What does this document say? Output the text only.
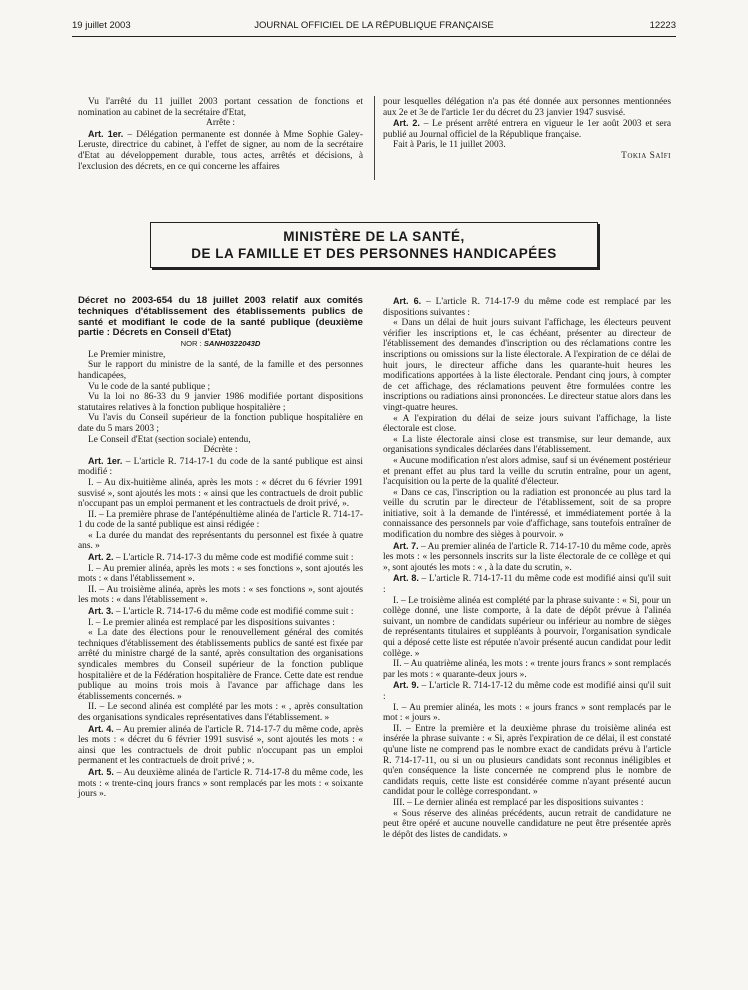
19 juillet 2003	JOURNAL OFFICIEL DE LA RÉPUBLIQUE FRANÇAISE	12223

Vu l'arrêté du 11 juillet 2003 portant cessation de fonctions et nomination au cabinet de la secrétaire d'Etat,

Arrête :

Art. 1er. – Délégation permanente est donnée à Mme Sophie Galey-Leruste, directrice du cabinet, à l'effet de signer, au nom de la secrétaire d'Etat au développement durable, tous actes, arrêtés et décisions, à l'exclusion des décrets, en ce qui concerne les affaires

pour lesquelles délégation n'a pas été donnée aux personnes mentionnées aux 2e et 3e de l'article 1er du décret du 23 janvier 1947 susvisé.

Art. 2. – Le présent arrêté entrera en vigueur le 1er août 2003 et sera publié au Journal officiel de la République française.

Fait à Paris, le 11 juillet 2003.

Tokia Saïfi

MINISTÈRE DE LA SANTÉ,
DE LA FAMILLE ET DES PERSONNES HANDICAPÉES

Décret no 2003-654 du 18 juillet 2003 relatif aux comités techniques d'établissement des établissements publics de santé et modifiant le code de la santé publique (deuxième partie : Décrets en Conseil d'Etat)

NOR : SANH0322043D

Le Premier ministre,

Sur le rapport du ministre de la santé, de la famille et des personnes handicapées,

Vu le code de la santé publique ;

Vu la loi no 86-33 du 9 janvier 1986 modifiée portant dispositions statutaires relatives à la fonction publique hospitalière ;

Vu l'avis du Conseil supérieur de la fonction publique hospitalière en date du 5 mars 2003 ;

Le Conseil d'Etat (section sociale) entendu,

Décrète :

Art. 1er. – L'article R. 714-17-1 du code de la santé publique est ainsi modifié :

I. – Au dix-huitième alinéa, après les mots : « décret du 6 février 1991 susvisé », sont ajoutés les mots : « ainsi que les contractuels de droit public n'occupant pas un emploi permanent et les contractuels de droit privé, ».

II. – La première phrase de l'antépénultième alinéa de l'article R. 714-17-1 du code de la santé publique est ainsi rédigée :

« La durée du mandat des représentants du personnel est fixée à quatre ans. »

Art. 2. – L'article R. 714-17-3 du même code est modifié comme suit :

I. – Au premier alinéa, après les mots : « ses fonctions », sont ajoutés les mots : « dans l'établissement ».

II. – Au troisième alinéa, après les mots : « ses fonctions », sont ajoutés les mots : « dans l'établissement ».

Art. 3. – L'article R. 714-17-6 du même code est modifié comme suit :

I. – Le premier alinéa est remplacé par les dispositions suivantes :

« La date des élections pour le renouvellement général des comités techniques d'établissement des établissements publics de santé est fixée par arrêté du ministre chargé de la santé, après consultation des organisations syndicales membres du Conseil supérieur de la fonction publique hospitalière et de la Fédération hospitalière de France. Cette date est rendue publique au moins trois mois à l'avance par affichage dans les établissements concernés. »

II. – Le second alinéa est complété par les mots : « , après consultation des organisations syndicales représentatives dans l'établissement. »

Art. 4. – Au premier alinéa de l'article R. 714-17-7 du même code, après les mots : « décret du 6 février 1991 susvisé », sont ajoutés les mots : « ainsi que les contractuels de droit public n'occupant pas un emploi permanent et les contractuels de droit privé ; ».

Art. 5. – Au deuxième alinéa de l'article R. 714-17-8 du même code, les mots : « trente-cinq jours francs » sont remplacés par les mots : « soixante jours ».

Art. 6. – L'article R. 714-17-9 du même code est remplacé par les dispositions suivantes :

« Dans un délai de huit jours suivant l'affichage, les électeurs peuvent vérifier les inscriptions et, le cas échéant, présenter au directeur de l'établissement des demandes d'inscription ou des réclamations contre les inscriptions ou omissions sur la liste électorale. A l'expiration de ce délai de huit jours, le directeur affiche dans les quarante-huit heures les modifications apportées à la liste électorale. Pendant cinq jours, à compter de cet affichage, des réclamations peuvent être formulées contre les inscriptions ou radiations ainsi prononcées. Le directeur statue alors dans les vingt-quatre heures.

« A l'expiration du délai de seize jours suivant l'affichage, la liste électorale est close.

« La liste électorale ainsi close est transmise, sur leur demande, aux organisations syndicales déclarées dans l'établissement.

« Aucune modification n'est alors admise, sauf si un événement postérieur et prenant effet au plus tard la veille du scrutin entraîne, pour un agent, l'acquisition ou la perte de la qualité d'électeur.

« Dans ce cas, l'inscription ou la radiation est prononcée au plus tard la veille du scrutin par le directeur de l'établissement, soit de sa propre initiative, soit à la demande de l'intéressé, et immédiatement portée à la connaissance des personnels par voie d'affichage, sans toutefois entraîner de modification du nombre des sièges à pourvoir. »

Art. 7. – Au premier alinéa de l'article R. 714-17-10 du même code, après les mots : « les personnels inscrits sur la liste électorale de ce collège et qui », sont ajoutés les mots : « , à la date du scrutin, ».

Art. 8. – L'article R. 714-17-11 du même code est modifié ainsi qu'il suit :

I. – Le troisième alinéa est complété par la phrase suivante : « Si, pour un collège donné, une liste comporte, à la date de dépôt prévue à l'alinéa suivant, un nombre de candidats supérieur ou inférieur au nombre de sièges de représentants titulaires et suppléants à pourvoir, l'organisation syndicale qui a déposé cette liste est réputée n'avoir présenté aucun candidat pour ledit collège. »

II. – Au quatrième alinéa, les mots : « trente jours francs » sont remplacés par les mots : « quarante-deux jours ».

Art. 9. – L'article R. 714-17-12 du même code est modifié ainsi qu'il suit :

I. – Au premier alinéa, les mots : « jours francs » sont remplacés par le mot : « jours ».

II. – Entre la première et la deuxième phrase du troisième alinéa est insérée la phrase suivante : « Si, après l'expiration de ce délai, il est constaté qu'une liste ne comprend pas le nombre exact de candidats prévu à l'article R. 714-17-11, ou si un ou plusieurs candidats sont reconnus inéligibles et qu'en conséquence la liste concernée ne comprend plus le nombre de candidats requis, cette liste est considérée comme n'ayant présenté aucun candidat pour le collège correspondant. »

III. – Le dernier alinéa est remplacé par les dispositions suivantes :

« Sous réserve des alinéas précédents, aucun retrait de candidature ne peut être opéré et aucune nouvelle candidature ne peut être présentée après le dépôt des listes de candidats. »
